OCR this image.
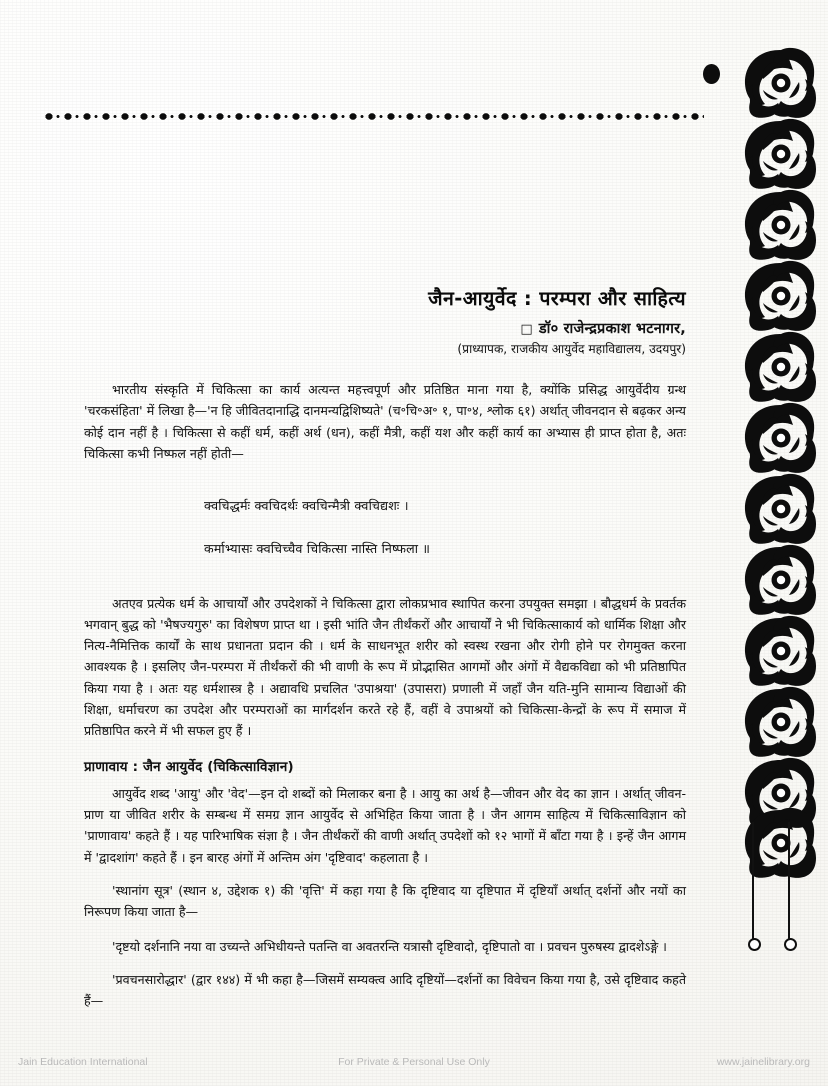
जैन-आयुर्वेद : परम्परा और साहित्य
□ डॉ० राजेन्द्रप्रकाश भटनागर,
(प्राध्यापक, राजकीय आयुर्वेद महाविद्यालय, उदयपुर)

भारतीय संस्कृति में चिकित्सा का कार्य अत्यन्त महत्त्वपूर्ण और प्रतिष्ठित माना गया है, क्योंकि प्रसिद्ध आयुर्वेदीय ग्रन्थ 'चरकसंहिता' में लिखा है—'न हि जीवितदानाद्धि दानमन्यद्विशिष्यते' (च॰चि॰अ॰ १, पा॰४, श्लोक ६१) अर्थात् जीवनदान से बढ़कर अन्य कोई दान नहीं है । चिकित्सा से कहीं धर्म, कहीं अर्थ (धन), कहीं मैत्री, कहीं यश और कहीं कार्य का अभ्यास ही प्राप्त होता है, अतः चिकित्सा कभी निष्फल नहीं होती—

क्वचिद्धर्मः क्वचिदर्थः क्वचिन्मैत्री क्वचिद्यशः ।

कर्माभ्यासः क्वचिच्चैव चिकित्सा नास्ति निष्फला ॥

अतएव प्रत्येक धर्म के आचार्यों और उपदेशकों ने चिकित्सा द्वारा लोकप्रभाव स्थापित करना उपयुक्त समझा । बौद्धधर्म के प्रवर्तक भगवान् बुद्ध को 'भैषज्यगुरु' का विशेषण प्राप्त था । इसी भांति जैन तीर्थंकरों और आचार्यों ने भी चिकित्साकार्य को धार्मिक शिक्षा और नित्य-नैमित्तिक कार्यों के साथ प्रधानता प्रदान की । धर्म के साधनभूत शरीर को स्वस्थ रखना और रोगी होने पर रोगमुक्त करना आवश्यक है । इसलिए जैन-परम्परा में तीर्थंकरों की भी वाणी के रूप में प्रोद्भासित आगमों और अंगों में वैद्यकविद्या को भी प्रतिष्ठापित किया गया है । अतः यह धर्मशास्त्र है । अद्यावधि प्रचलित 'उपाश्रया' (उपासरा) प्रणाली में जहाँ जैन यति-मुनि सामान्य विद्याओं की शिक्षा, धर्माचरण का उपदेश और परम्पराओं का मार्गदर्शन करते रहे हैं, वहीं वे उपाश्रयों को चिकित्सा-केन्द्रों के रूप में समाज में प्रतिष्ठापित करने में भी सफल हुए हैं ।

प्राणावाय : जैन आयुर्वेद (चिकित्साविज्ञान)

आयुर्वेद शब्द 'आयु' और 'वेद'—इन दो शब्दों को मिलाकर बना है । आयु का अर्थ है—जीवन और वेद का ज्ञान । अर्थात् जीवन-प्राण या जीवित शरीर के सम्बन्ध में समग्र ज्ञान आयुर्वेद से अभिहित किया जाता है । जैन आगम साहित्य में चिकित्साविज्ञान को 'प्राणावाय' कहते हैं । यह पारिभाषिक संज्ञा है । जैन तीर्थंकरों की वाणी अर्थात् उपदेशों को १२ भागों में बाँटा गया है । इन्हें जैन आगम में 'द्वादशांग' कहते हैं । इन बारह अंगों में अन्तिम अंग 'दृष्टिवाद' कहलाता है ।

'स्थानांग सूत्र' (स्थान ४, उद्देशक १) की 'वृत्ति' में कहा गया है कि दृष्टिवाद या दृष्टिपात में दृष्टियाँ अर्थात् दर्शनों और नयों का निरूपण किया जाता है—

'दृष्टयो दर्शनानि नया वा उच्यन्ते अभिधीयन्ते पतन्ति वा अवतरन्ति यत्रासौ दृष्टिवादो, दृष्टिपातो वा । प्रवचन पुरुषस्य द्वादशेऽङ्गे ।

'प्रवचनसारोद्धार' (द्वार १४४) में भी कहा है—जिसमें सम्यक्त्व आदि दृष्टियों—दर्शनों का विवेचन किया गया है, उसे दृष्टिवाद कहते हैं—

Jain Education International	For Private & Personal Use Only	www.jainelibrary.org
